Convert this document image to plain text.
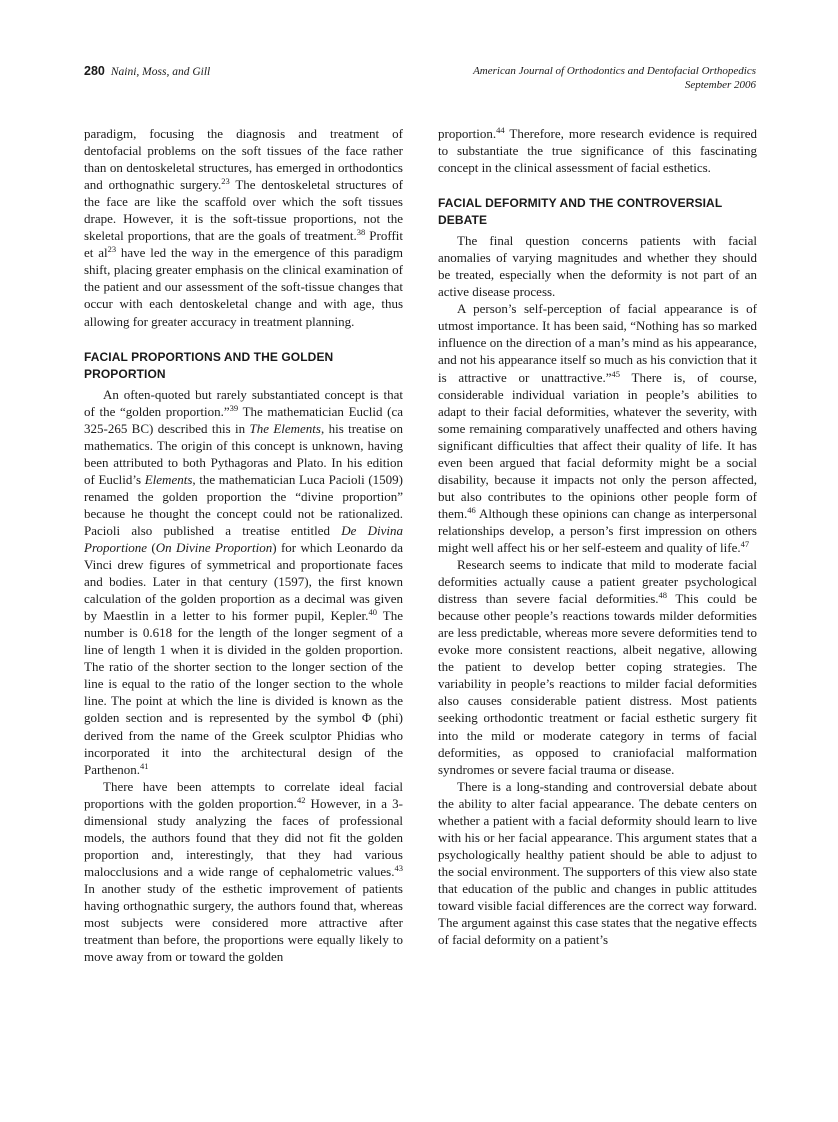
280 Naini, Moss, and Gill	American Journal of Orthodontics and Dentofacial Orthopedics
September 2006

paradigm, focusing the diagnosis and treatment of dentofacial problems on the soft tissues of the face rather than on dentoskeletal structures, has emerged in orthodontics and orthognathic surgery.$^{23}$ The dentoskeletal structures of the face are like the scaffold over which the soft tissues drape. However, it is the soft-tissue proportions, not the skeletal proportions, that are the goals of treatment.$^{38}$ Proffit et $al^{23}$ have led the way in the emergence of this paradigm shift, placing greater emphasis on the clinical examination of the patient and our assessment of the soft-tissue changes that occur with each dentoskeletal change and with age, thus allowing for greater accuracy in treatment planning.

FACIAL PROPORTIONS AND THE GOLDEN PROPORTION

An often-quoted but rarely substantiated concept is that of the “golden proportion.”$^{39}$ The mathematician Euclid (ca 325-265 BC) described this in The Elements, his treatise on mathematics. The origin of this concept is unknown, having been attributed to both Pythagoras and Plato. In his edition of Euclid’s Elements, the mathematician Luca Pacioli (1509) renamed the golden proportion the “divine proportion” because he thought the concept could not be rationalized. Pacioli also published a treatise entitled De Divina Proportione (On Divine Proportion) for which Leonardo da Vinci drew figures of symmetrical and proportionate faces and bodies. Later in that century (1597), the first known calculation of the golden proportion as a decimal was given by Maestlin in a letter to his former pupil, Kepler.$^{40}$ The number is 0.618 for the length of the longer segment of a line of length 1 when it is divided in the golden proportion. The ratio of the shorter section to the longer section of the line is equal to the ratio of the longer section to the whole line. The point at which the line is divided is known as the golden section and is represented by the symbol Φ (phi) derived from the name of the Greek sculptor Phidias who incorporated it into the architectural design of the Parthenon.$^{41}$

There have been attempts to correlate ideal facial proportions with the golden proportion.$^{42}$ However, in a 3-dimensional study analyzing the faces of professional models, the authors found that they did not fit the golden proportion and, interestingly, that they had various malocclusions and a wide range of cephalometric values.$^{43}$ In another study of the esthetic improvement of patients having orthognathic surgery, the authors found that, whereas most subjects were considered more attractive after treatment than before, the proportions were equally likely to move away from or toward the golden

proportion.$^{44}$ Therefore, more research evidence is required to substantiate the true significance of this fascinating concept in the clinical assessment of facial esthetics.

FACIAL DEFORMITY AND THE CONTROVERSIAL DEBATE

The final question concerns patients with facial anomalies of varying magnitudes and whether they should be treated, especially when the deformity is not part of an active disease process.

A person’s self-perception of facial appearance is of utmost importance. It has been said, “Nothing has so marked influence on the direction of a man’s mind as his appearance, and not his appearance itself so much as his conviction that it is attractive or unattractive.”$^{45}$ There is, of course, considerable individual variation in people’s abilities to adapt to their facial deformities, whatever the severity, with some remaining comparatively unaffected and others having significant difficulties that affect their quality of life. It has even been argued that facial deformity might be a social disability, because it impacts not only the person affected, but also contributes to the opinions other people form of them.$^{46}$ Although these opinions can change as interpersonal relationships develop, a person’s first impression on others might well affect his or her self-esteem and quality of life.$^{47}$

Research seems to indicate that mild to moderate facial deformities actually cause a patient greater psychological distress than severe facial deformities.$^{48}$ This could be because other people’s reactions towards milder deformities are less predictable, whereas more severe deformities tend to evoke more consistent reactions, albeit negative, allowing the patient to develop better coping strategies. The variability in people’s reactions to milder facial deformities also causes considerable patient distress. Most patients seeking orthodontic treatment or facial esthetic surgery fit into the mild or moderate category in terms of facial deformities, as opposed to craniofacial malformation syndromes or severe facial trauma or disease.

There is a long-standing and controversial debate about the ability to alter facial appearance. The debate centers on whether a patient with a facial deformity should learn to live with his or her facial appearance. This argument states that a psychologically healthy patient should be able to adjust to the social environment. The supporters of this view also state that education of the public and changes in public attitudes toward visible facial differences are the correct way forward. The argument against this case states that the negative effects of facial deformity on a patient’s
